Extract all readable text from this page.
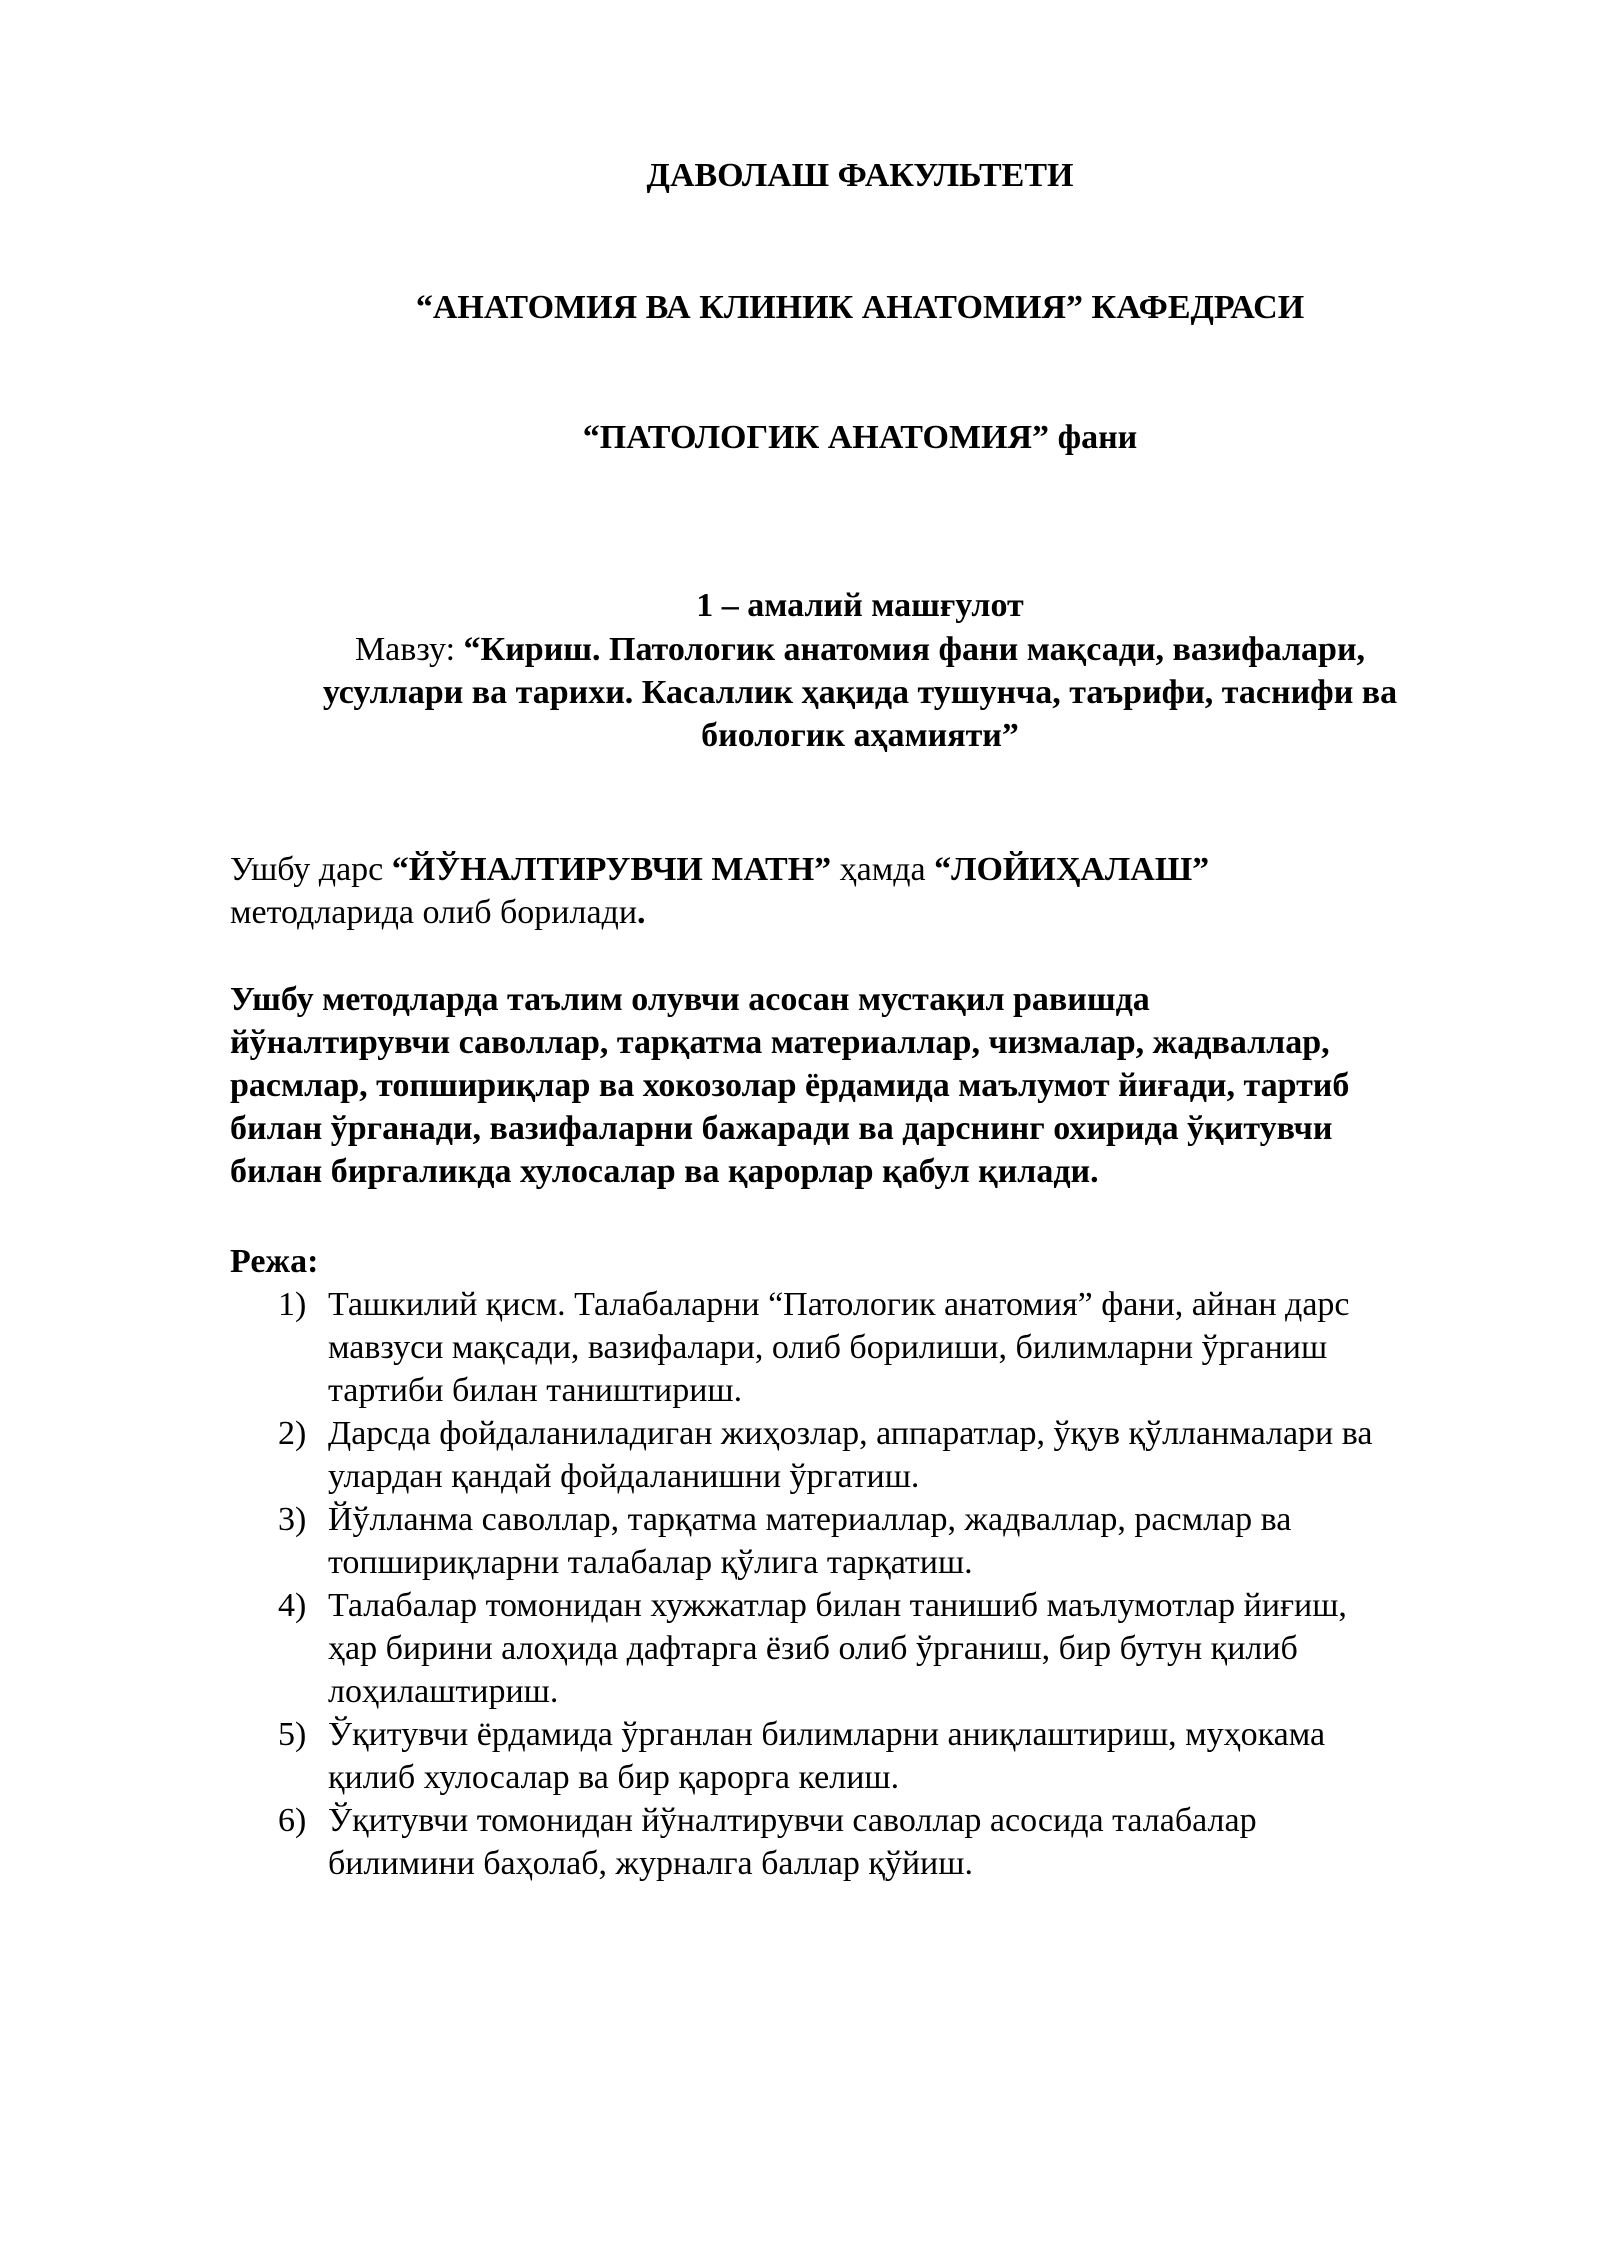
ДАВОЛАШ ФАКУЛЬТЕТИ
“АНАТОМИЯ ВА КЛИНИК АНАТОМИЯ” КАФЕДРАСИ
“ПАТОЛОГИК АНАТОМИЯ” фани
1 – амалий машғулот
Мавзу: “Кириш. Патологик анатомия фани мақсади, вазифалари,
усуллари ва тарихи. Касаллик ҳақида тушунча, таърифи, таснифи ва
биологик аҳамияти”
Ушбу дарс “ЙЎНАЛТИРУВЧИ МАТН” ҳамда “ЛОЙИҲАЛАШ”
методларида олиб борилади.
Ушбу методларда таълим олувчи асосан мустақил равишда
йўналтирувчи саволлар, тарқатма материаллар, чизмалар, жадваллар,
расмлар, топшириқлар ва хокозолар ёрдамида маълумот йиғади, тартиб
билан ўрганади, вазифаларни бажаради ва дарснинг охирида ўқитувчи
билан биргаликда хулосалар ва қарорлар қабул қилади.
Режа:
1) Ташкилий қисм. Талабаларни “Патологик анатомия” фани, айнан дарс
мавзуси мақсади, вазифалари, олиб борилиши, билимларни ўрганиш
тартиби билан таништириш.
2) Дарсда фойдаланиладиган жиҳозлар, аппаратлар, ўқув қўлланмалари ва
улардан қандай фойдаланишни ўргатиш.
3) Йўлланма саволлар, тарқатма материаллар, жадваллар, расмлар ва
топшириқларни талабалар қўлига тарқатиш.
4) Талабалар томонидан хужжатлар билан танишиб маълумотлар йиғиш,
ҳар бирини алоҳида дафтарга ёзиб олиб ўрганиш, бир бутун қилиб
лоҳилаштириш.
5) Ўқитувчи ёрдамида ўрганлан билимларни аниқлаштириш, муҳокама
қилиб хулосалар ва бир қарорга келиш.
6) Ўқитувчи томонидан йўналтирувчи саволлар асосида талабалар
билимини баҳолаб, журналга баллар қўйиш.
